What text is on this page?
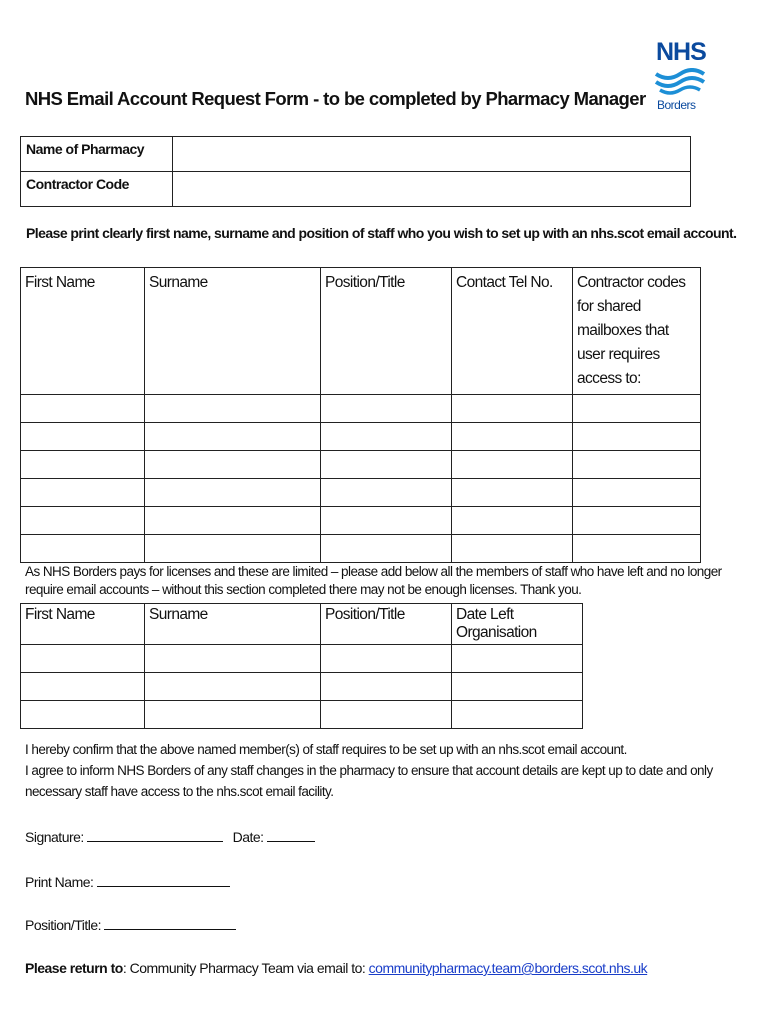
NHS
Borders
NHS Email Account Request Form - to be completed by Pharmacy Manager
Name of Pharmacy	
Contractor Code	
Please print clearly first name, surname and position of staff who you wish to set up with an nhs.scot email account.
First Name	Surname	Position/Title	Contact Tel No.	Contractor codes for shared mailboxes that user requires access to:

As NHS Borders pays for licenses and these are limited – please add below all the members of staff who have left and no longer require email accounts – without this section completed there may not be enough licenses. Thank you.
First Name	Surname	Position/Title	Date Left Organisation

I hereby confirm that the above named member(s) of staff requires to be set up with an nhs.scot email account.
I agree to inform NHS Borders of any staff changes in the pharmacy to ensure that account details are kept up to date and only necessary staff have access to the nhs.scot email facility.
Signature:	Date:
Print Name:
Position/Title:
Please return to: Community Pharmacy Team via email to: communitypharmacy.team@borders.scot.nhs.uk
